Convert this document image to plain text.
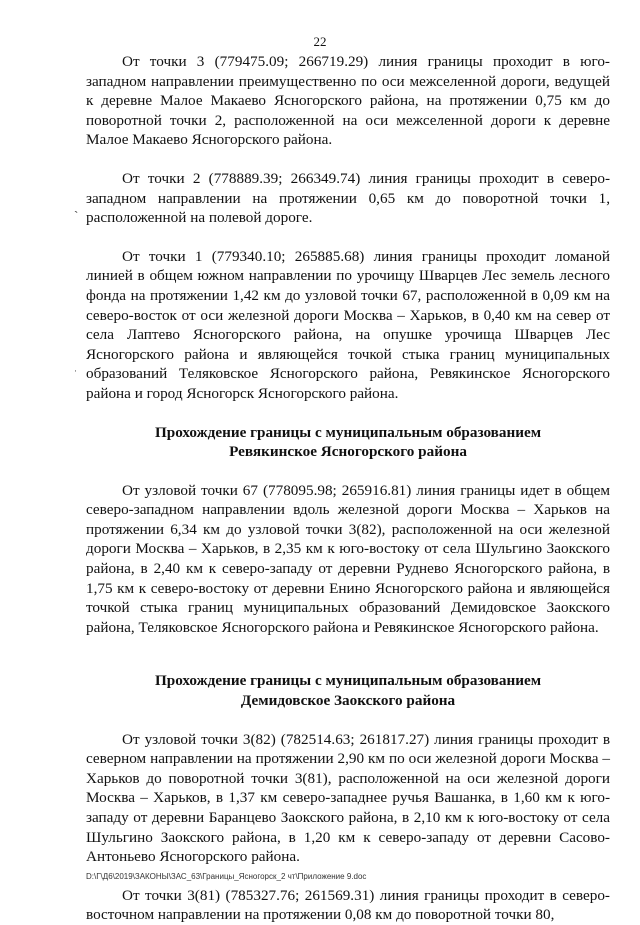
22
ˋ
·

От точки 3 (779475.09; 266719.29) линия границы проходит в юго-западном направлении преимущественно по оси межселенной дороги, ведущей к деревне Малое Макаево Ясногорского района, на протяжении 0,75 км до поворотной точки 2, расположенной на оси межселенной дороги к деревне Малое Макаево Ясногорского района.

От точки 2 (778889.39; 266349.74) линия границы проходит в северо-западном направлении на протяжении 0,65 км до поворотной точки 1, расположенной на полевой дороге.

От точки 1 (779340.10; 265885.68) линия границы проходит ломаной линией в общем южном направлении по урочищу Шварцев Лес земель лесного фонда на протяжении 1,42 км до узловой точки 67, расположенной в 0,09 км на северо-восток от оси железной дороги Москва – Харьков, в 0,40 км на север от села Лаптево Ясногорского района, на опушке урочища Шварцев Лес Ясногорского района и являющейся точкой стыка границ муниципальных образований Теляковское Ясногорского района, Ревякинское Ясногорского района и город Ясногорск Ясногорского района.

Прохождение границы с муниципальным образованием

Ревякинское Ясногорского района

От узловой точки 67 (778095.98; 265916.81) линия границы идет в общем северо-западном направлении вдоль железной дороги Москва – Харьков на протяжении 6,34 км до узловой точки 3(82), расположенной на оси железной дороги Москва – Харьков, в 2,35 км к юго-востоку от села Шульгино Заокского района, в 2,40 км к северо-западу от деревни Руднево Ясногорского района, в 1,75 км к северо-востоку от деревни Енино Ясногорского района и являющейся точкой стыка границ муниципальных образований Демидовское Заокского района, Теляковское Ясногорского района и Ревякинское Ясногорского района.

Прохождение границы с муниципальным образованием

Демидовское Заокского района

От узловой точки 3(82) (782514.63; 261817.27) линия границы проходит в северном направлении на протяжении 2,90 км по оси железной дороги Москва – Харьков до поворотной точки 3(81), расположенной на оси железной дороги Москва – Харьков, в 1,37 км северо-западнее ручья Вашанка, в 1,60 км к юго-западу от деревни Баранцево Заокского района, в 2,10 км к юго-востоку от села Шульгино Заокского района, в 1,20 км к северо-западу от деревни Сасово-Антоньево Ясногорского района.

От точки 3(81) (785327.76; 261569.31) линия границы проходит в северо-восточном направлении на протяжении 0,08 км до поворотной точки 80,

D:\Г\Д6\2019\ЗАКОНЫ\ЗАС_63\Границы_Ясногорск_2 чт\Приложение 9.doc
